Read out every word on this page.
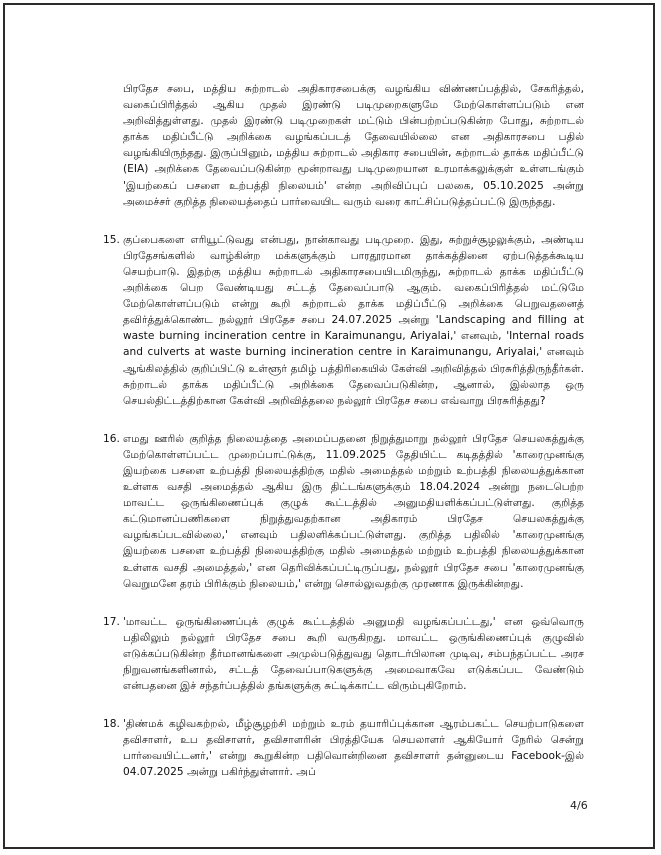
பிரதேச சபை, மத்திய சுற்றாடல் அதிகாரசபைக்கு வழங்கிய விண்ணப்பத்தில், சேகரித்தல், வகைப்பிரித்தல் ஆகிய முதல் இரண்டு படிமுறைகளுமே மேற்கொள்ளப்படும் என அறிவித்துள்ளது. முதல் இரண்டு படிமுறைகள் மட்டும் பின்பற்றப்படுகின்ற போது, சுற்றாடல் தாக்க மதிப்பீட்டு அறிக்கை வழங்கப்படத் தேவையில்லை என அதிகாரசபை பதில் வழங்கியிருந்தது. இருப்பினும், மத்திய சுற்றாடல் அதிகார சபையின், சுற்றாடல் தாக்க மதிப்பீட்டு (EIA) அறிக்கை தேவைப்படுகின்ற மூன்றாவது படிமுறையான உரமாக்கலுக்குள் உள்ளடங்கும் 'இயற்கைப் பசளை உற்பத்தி நிலையம்' என்ற அறிவிப்புப் பலகை, 05.10.2025 அன்று அமைச்சர் குறித்த நிலையத்தைப் பார்வையிட வரும் வரை காட்சிப்படுத்தப்பட்டு இருந்தது.

15. குப்பைகளை எரியூட்டுவது என்பது, நான்காவது படிமுறை. இது, சுற்றுச்சூழலுக்கும், அண்டிய பிரதேசங்களில் வாழ்கின்ற மக்களுக்கும் பாரதூரமான தாக்கத்தினை ஏற்படுத்தக்கூடிய செயற்பாடு. இதற்கு மத்திய சுற்றாடல் அதிகாரசபையிடமிருந்து, சுற்றாடல் தாக்க மதிப்பீட்டு அறிக்கை பெற வேண்டியது சட்டத் தேவைப்பாடு ஆகும். வகைப்பிரித்தல் மட்டுமே மேற்கொள்ளப்படும் என்று கூறி சுற்றாடல் தாக்க மதிப்பீட்டு அறிக்கை பெறுவதனைத் தவிர்த்துக்கொண்ட நல்லூர் பிரதேச சபை 24.07.2025 அன்று 'Landscaping and filling at waste burning incineration centre in Karaimunangu, Ariyalai,' எனவும், 'Internal roads and culverts at waste burning incineration centre in Karaimunangu, Ariyalai,' எனவும் ஆங்கிலத்தில் குறிப்பிட்டு உள்ளூர் தமிழ் பத்திரிகையில் கேள்வி அறிவித்தல் பிரசுரித்திருந்தீர்கள். சுற்றாடல் தாக்க மதிப்பீட்டு அறிக்கை தேவைப்படுகின்ற, ஆனால், இல்லாத ஒரு செயல்திட்டத்திற்கான கேள்வி அறிவித்தலை நல்லூர் பிரதேச சபை எவ்வாறு பிரசுரித்தது?
16. எமது ஊரில் குறித்த நிலையத்தை அமைப்பதனை நிறுத்துமாறு நல்லூர் பிரதேச செயலகத்துக்கு மேற்கொள்ளப்பட்ட முறைப்பாட்டுக்கு, 11.09.2025 தேதியிட்ட கடிதத்தில் 'காரைமுனங்கு இயற்கை பசளை உற்பத்தி நிலையத்திற்கு மதில் அமைத்தல் மற்றும் உற்பத்தி நிலையத்துக்கான உள்ளக வசதி அமைத்தல் ஆகிய இரு திட்டங்களுக்கும் 18.04.2024 அன்று நடைபெற்ற மாவட்ட ஒருங்கிணைப்புக் குழுக் கூட்டத்தில் அனுமதியளிக்கப்பட்டுள்ளது. குறித்த கட்டுமானப்பணிகளை நிறுத்துவதற்கான அதிகாரம் பிரதேச செயலகத்துக்கு வழங்கப்படவில்லை,' எனவும் பதிலளிக்கப்பட்டுள்ளது. குறித்த பதிலில் 'காரைமுனங்கு இயற்கை பசளை உற்பத்தி நிலையத்திற்கு மதில் அமைத்தல் மற்றும் உற்பத்தி நிலையத்துக்கான உள்ளக வசதி அமைத்தல்,' என தெரிவிக்கப்பட்டிருப்பது, நல்லூர் பிரதேச சபை 'காரைமுனங்கு வெறுமனே தரம் பிரிக்கும் நிலையம்,' என்று சொல்லுவதற்கு முரணாக இருக்கின்றது.
17. 'மாவட்ட ஒருங்கிணைப்புக் குழுக் கூட்டத்தில் அனுமதி வழங்கப்பட்டது,' என ஒவ்வொரு பதிலிலும் நல்லூர் பிரதேச சபை கூறி வருகிறது. மாவட்ட ஒருங்கிணைப்புக் குழுவில் எடுக்கப்படுகின்ற தீர்மானங்களை அமுல்படுத்துவது தொடர்பிலான முடிவு, சம்பந்தப்பட்ட அரச நிறுவனங்களினால், சட்டத் தேவைப்பாடுகளுக்கு அமைவாகவே எடுக்கப்பட வேண்டும் என்பதனை இச் சந்தர்ப்பத்தில் தங்களுக்கு சுட்டிக்காட்ட விரும்புகிறோம்.
18. 'திண்மக் கழிவகற்றல், மீழ்சூழற்சி மற்றும் உரம் தயாரிப்புக்கான ஆரம்பகட்ட செயற்பாடுகளை தவிசாளர், உப தவிசாளர், தவிசாளரின் பிரத்தியேக செயலாளர் ஆகியோர் நேரில் சென்று பார்வையிட்டனர்,' என்று கூறுகின்ற பதிவொன்றினை தவிசாளர் தன்னுடைய Facebook-இல் 04.07.2025 அன்று பகிர்ந்துள்ளார். அப்
4/6
